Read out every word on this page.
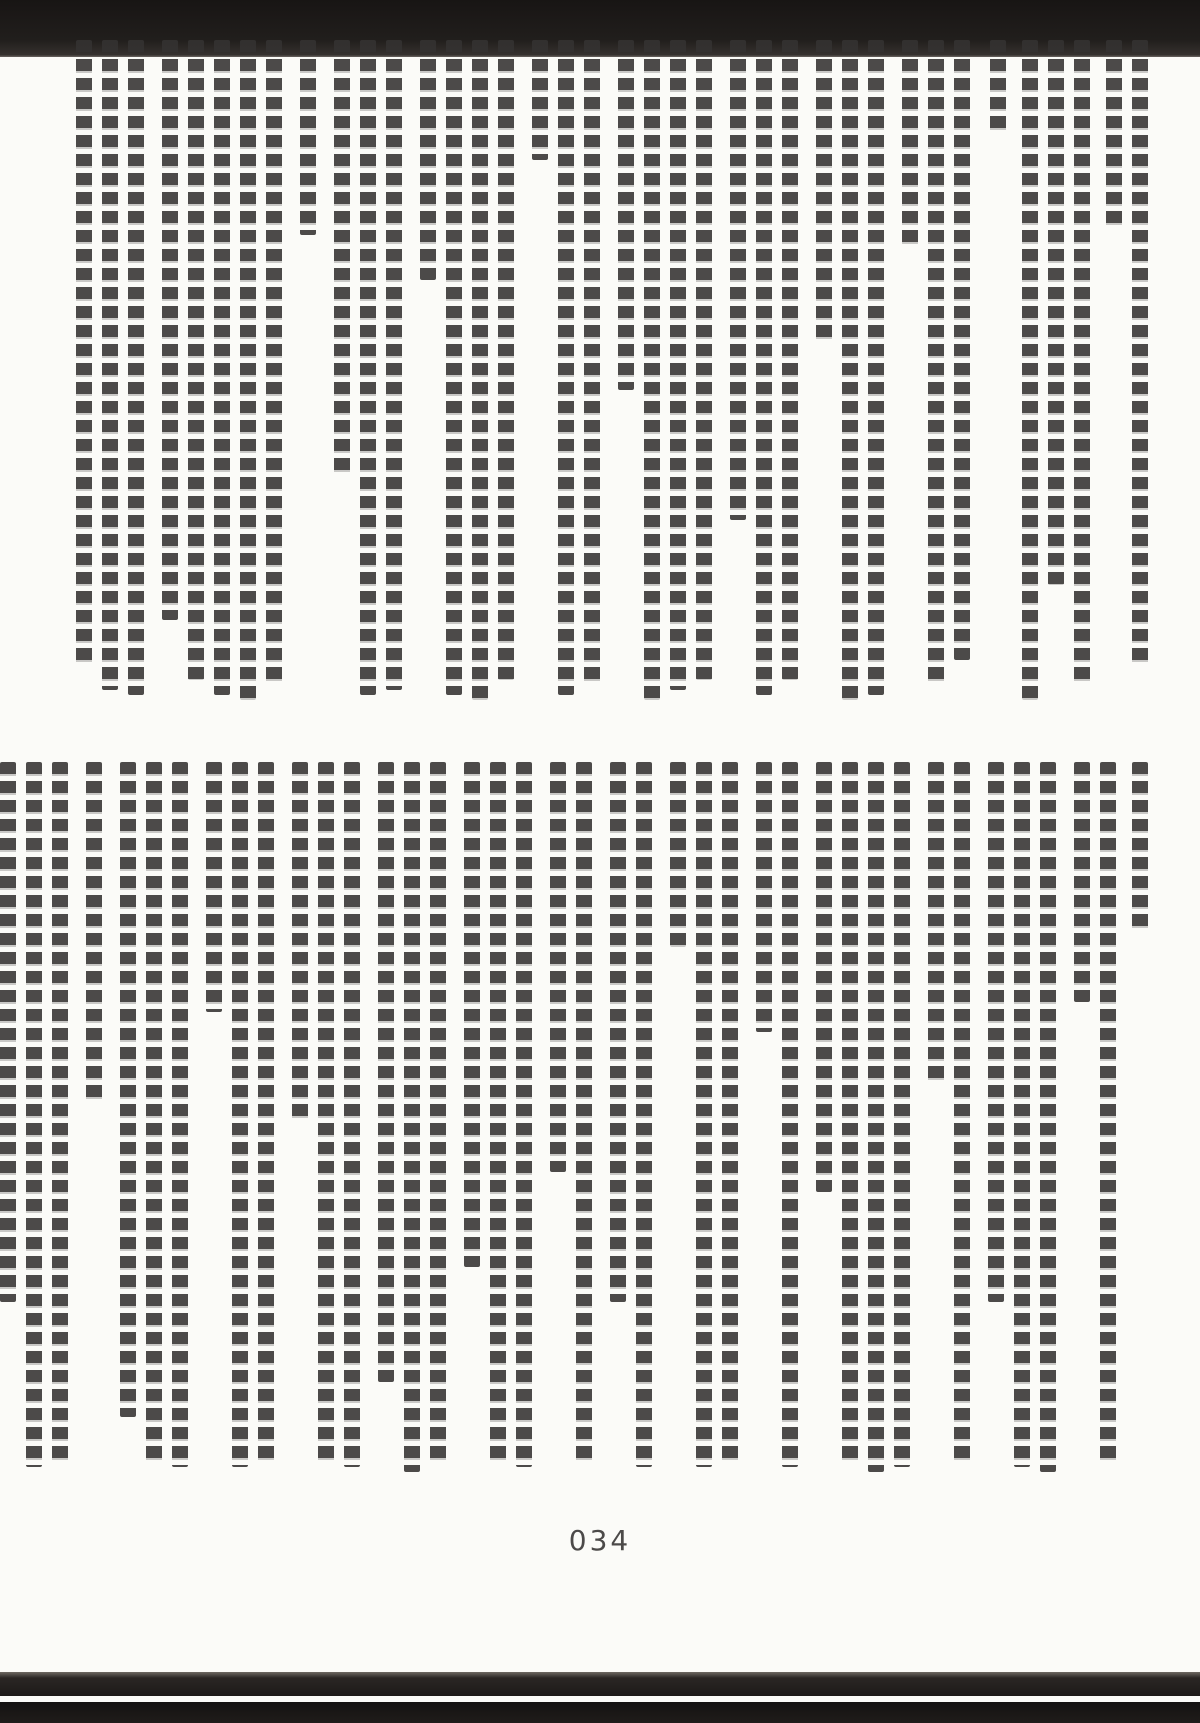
034
